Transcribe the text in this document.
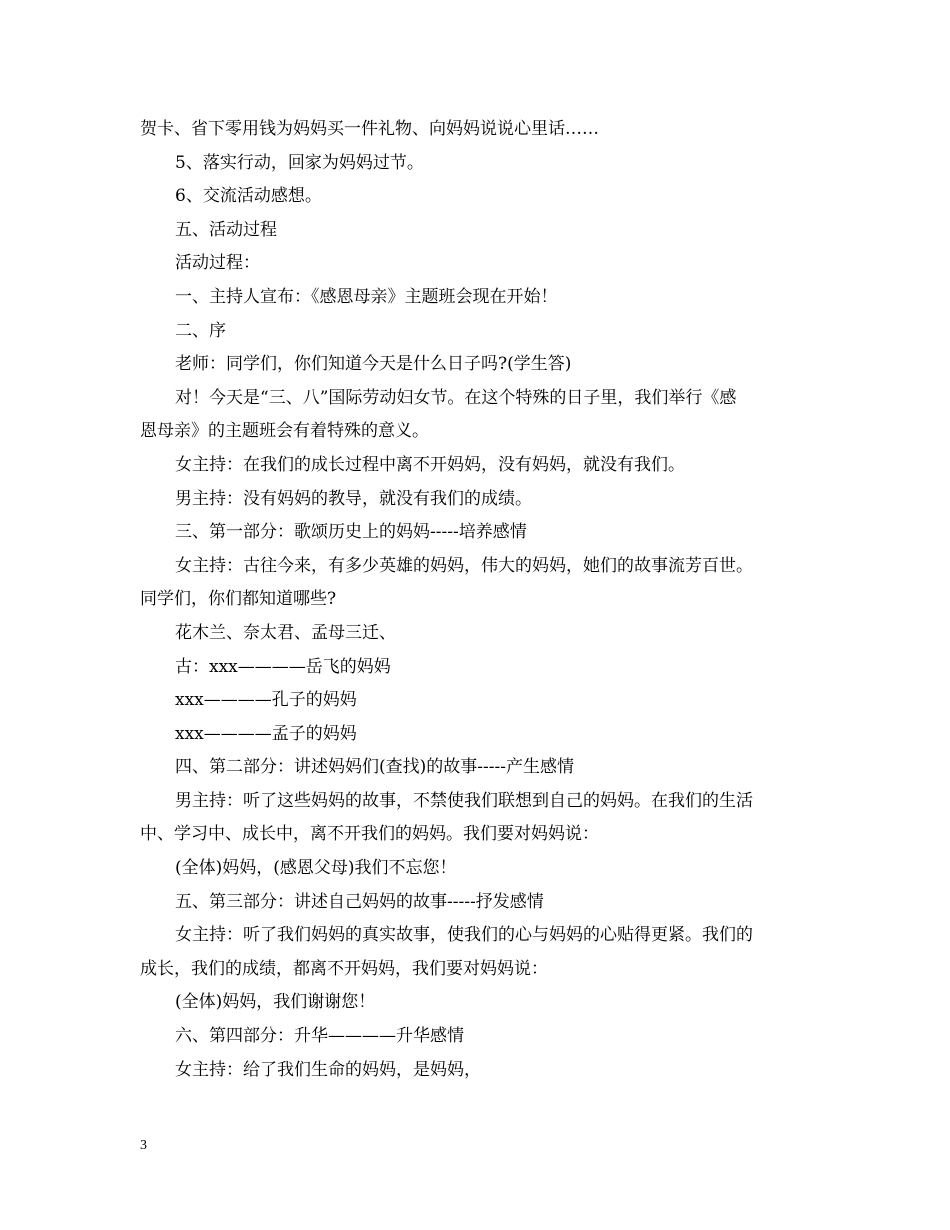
贺卡、省下零用钱为妈妈买一件礼物、向妈妈说说心里话……
5、落实行动，回家为妈妈过节。
6、交流活动感想。
五、活动过程
活动过程：
一、主持人宣布：《感恩母亲》主题班会现在开始！
二、序
老师：同学们，你们知道今天是什么日子吗?(学生答)
对！今天是“三、八”国际劳动妇女节。在这个特殊的日子里，我们举行《感
恩母亲》的主题班会有着特殊的意义。
女主持：在我们的成长过程中离不开妈妈，没有妈妈，就没有我们。
男主持：没有妈妈的教导，就没有我们的成绩。
三、第一部分：歌颂历史上的妈妈-----培养感情
女主持：古往今来，有多少英雄的妈妈，伟大的妈妈，她们的故事流芳百世。
同学们，你们都知道哪些?
花木兰、奈太君、孟母三迁、
古：xxx————岳飞的妈妈
xxx————孔子的妈妈
xxx————孟子的妈妈
四、第二部分：讲述妈妈们(查找)的故事-----产生感情
男主持：听了这些妈妈的故事，不禁使我们联想到自己的妈妈。在我们的生活
中、学习中、成长中，离不开我们的妈妈。我们要对妈妈说：
(全体)妈妈，(感恩父母)我们不忘您！
五、第三部分：讲述自己妈妈的故事-----抒发感情
女主持：听了我们妈妈的真实故事，使我们的心与妈妈的心贴得更紧。我们的
成长，我们的成绩，都离不开妈妈，我们要对妈妈说：
(全体)妈妈，我们谢谢您！
六、第四部分：升华————升华感情
女主持：给了我们生命的妈妈，是妈妈，
3
